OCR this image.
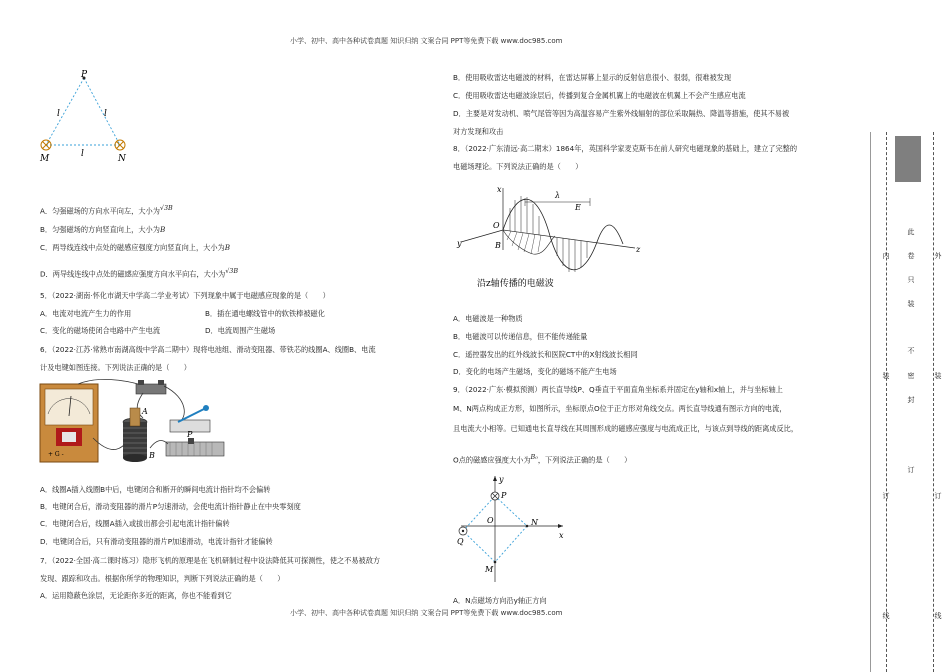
小学、初中、高中各种试卷真题 知识归纳 文案合同 PPT等免费下载 www.doc985.com
小学、初中、高中各种试卷真题 知识归纳 文案合同 PPT等免费下载 www.doc985.com
P
M	N
l	l
l
A．匀强磁场的方向水平向左，大小为$^{√3B}$
B．匀强磁场的方向竖直向上，大小为B
C．两导线连线中点处的磁感应强度方向竖直向上，大小为B
D．两导线连线中点处的磁感应强度方向水平向右，大小为$^{√3B}$
5．（2022·湖南·怀化市湖天中学高二学业考试）下列现象中属于电磁感应现象的是（　　）
A．电流对电流产生力的作用	B．插在通电螺线管中的软铁棒被磁化
C．变化的磁场使闭合电路中产生电流	D．电流周围产生磁场
6．（2022·江苏·常熟市南湖高级中学高二期中）现将电池组、滑动变阻器、带铁芯的线圈A、线圈B、电流
计及电键如图连接。下列说法正确的是（　　）
+ G -
A
B
P
A．线圈A插入线圈B中后，电键闭合和断开的瞬间电流计指针均不会偏转
B．电键闭合后，滑动变阻器的滑片P匀速滑动，会使电流计指针静止在中央零刻度
C．电键闭合后，线圈A插入或拔出都会引起电流计指针偏转
D．电键闭合后，只有滑动变阻器的滑片P加速滑动，电流计指针才能偏转
7．（2022·全国·高二课时练习）隐形飞机的原理是在飞机研制过程中设法降低其可探测性，使之不易被敌方
发现、跟踪和攻击。根据你所学的物理知识，判断下列说法正确的是（　　）
A．运用隐蔽色涂层，无论距你多近的距离，你也不能看到它
B．使用吸收雷达电磁波的材料，在雷达屏幕上显示的反射信息很小、很弱，很难被发现
C．使用吸收雷达电磁波涂层后，传播到复合金属机翼上的电磁波在机翼上不会产生感应电流
D．主要是对发动机、喷气尾管等因为高温容易产生紫外线辐射的部位采取隔热、降温等措施，使其不易被
对方发现和攻击
8．（2022·广东清远·高二期末）1864年，英国科学家麦克斯韦在前人研究电磁现象的基础上，建立了完整的
电磁场理论。下列说法正确的是（　　）
x
y
z
O
B
λ
E
沿z轴传播的电磁波
A．电磁波是一种物质
B．电磁波可以传递信息，但不能传递能量
C．遥控器发出的红外线波长和医院CT中的X射线波长相同
D．变化的电场产生磁场，变化的磁场不能产生电场
9．（2022·广东·模拟预测）两长直导线P、Q垂直于平面直角坐标系并固定在y轴和x轴上，并与坐标轴上
M、N两点构成正方形，如图所示，坐标原点O位于正方形对角线交点。两长直导线通有图示方向的电流，
且电流大小相等。已知通电长直导线在其周围形成的磁感应强度与电流成正比，与该点到导线的距离成反比，
O点的磁感应强度大小为$^{B_0}$，下列说法正确的是（　　）
P
Q
M
N
O
x
y
A．N点磁场方向沿y轴正方向
内
装
订
线
此
卷
只
装
不
密
封
订
外
装
订
线
